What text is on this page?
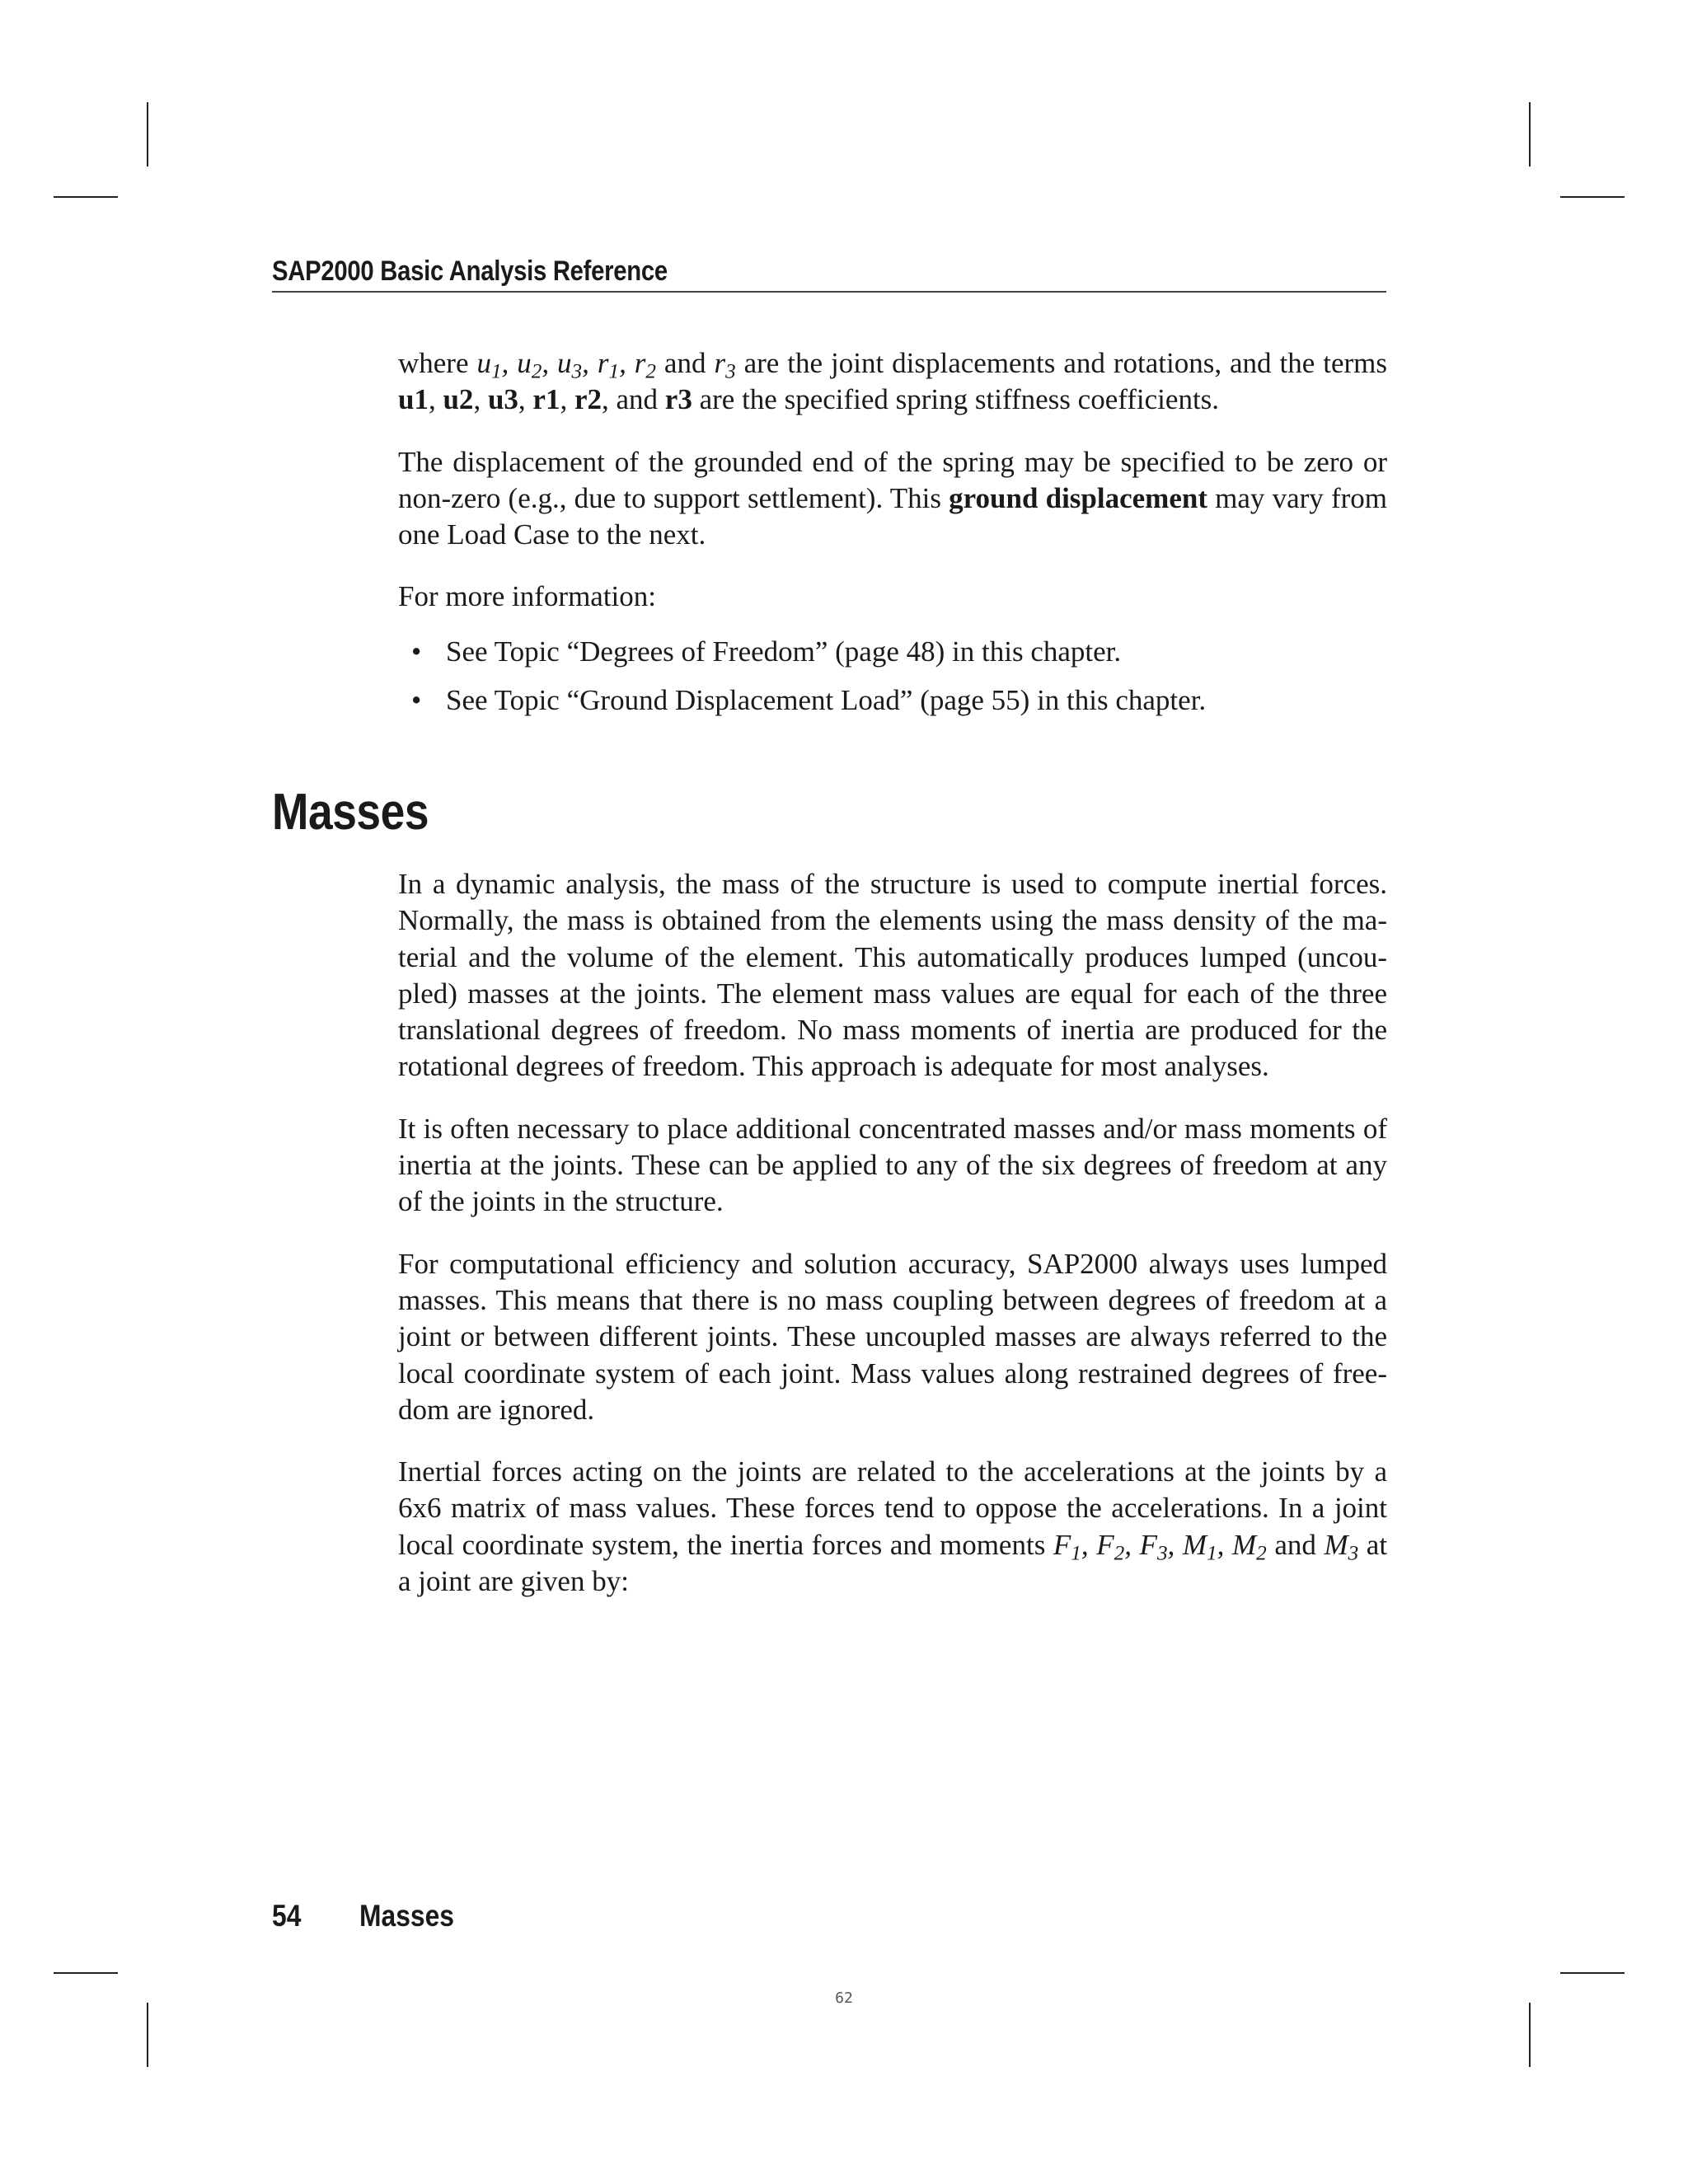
SAP2000 Basic Analysis Reference

where $u_1$, $u_2$, $u_3$, $r_1$, $r_2$ and $r_3$ are the joint displacements and rotations, and the terms u1, u2, u3, r1, r2, and r3 are the specified spring stiffness coefficients.

The displacement of the grounded end of the spring may be specified to be zero or non-zero (e.g., due to support settlement). This ground displacement may vary from one Load Case to the next.

For more information:

• See Topic “Degrees of Freedom” (page 48) in this chapter.
• See Topic “Ground Displacement Load” (page 55) in this chapter.
Masses

In a dynamic analysis, the mass of the structure is used to compute inertial forces. Normally, the mass is obtained from the elements using the mass density of the ma-terial and the volume of the element. This automatically produces lumped (uncou-pled) masses at the joints. The element mass values are equal for each of the three translational degrees of freedom. No mass moments of inertia are produced for the rotational degrees of freedom. This approach is adequate for most analyses.

It is often necessary to place additional concentrated masses and/or mass moments of inertia at the joints. These can be applied to any of the six degrees of freedom at any of the joints in the structure.

For computational efficiency and solution accuracy, SAP2000 always uses lumped masses. This means that there is no mass coupling between degrees of freedom at a joint or between different joints. These uncoupled masses are always referred to the local coordinate system of each joint. Mass values along restrained degrees of free-dom are ignored.

Inertial forces acting on the joints are related to the accelerations at the joints by a 6x6 matrix of mass values. These forces tend to oppose the accelerations. In a joint local coordinate system, the inertia forces and moments $F_1$, $F_2$, $F_3$, $M_1$, $M_2$ and $M_3$ at a joint are given by:

54 Masses
62
